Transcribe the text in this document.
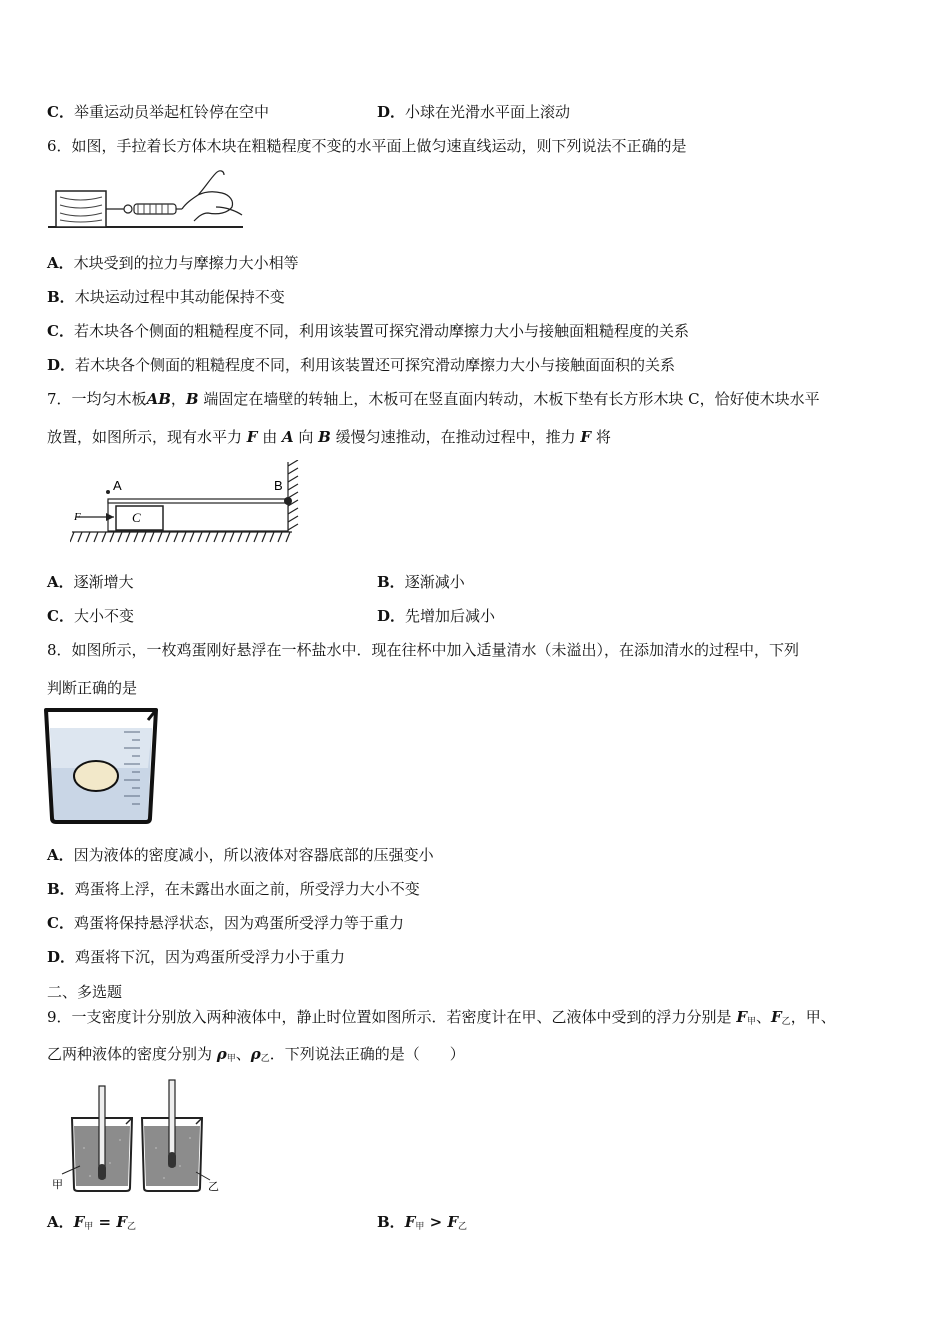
C．举重运动员举起杠铃停在空中	D．小球在光滑水平面上滚动
6．如图，手拉着长方体木块在粗糙程度不变的水平面上做匀速直线运动，则下列说法不正确的是
A．木块受到的拉力与摩擦力大小相等
B．木块运动过程中其动能保持不变
C．若木块各个侧面的粗糙程度不同，利用该装置可探究滑动摩擦力大小与接触面粗糙程度的关系
D．若木块各个侧面的粗糙程度不同，利用该装置还可探究滑动摩擦力大小与接触面面积的关系
7．一均匀木板AB，B 端固定在墙壁的转轴上，木板可在竖直面内转动，木板下垫有长方形木块 C，恰好使木块水平
放置，如图所示，现有水平力 F 由 A 向 B 缓慢匀速推动，在推动过程中，推力 F 将
A	B
C
F
A．逐渐增大	B．逐渐减小
C．大小不变	D．先增加后减小
8．如图所示，一枚鸡蛋刚好悬浮在一杯盐水中．现在往杯中加入适量清水（未溢出），在添加清水的过程中，下列
判断正确的是
A．因为液体的密度减小，所以液体对容器底部的压强变小
B．鸡蛋将上浮，在未露出水面之前，所受浮力大小不变
C．鸡蛋将保持悬浮状态，因为鸡蛋所受浮力等于重力
D．鸡蛋将下沉，因为鸡蛋所受浮力小于重力
二、多选题
9．一支密度计分别放入两种液体中，静止时位置如图所示．若密度计在甲、乙液体中受到的浮力分别是 $F_甲$、$F_乙$，甲、
乙两种液体的密度分别为 $\rho_甲$、$\rho_乙$．下列说法正确的是（　　）
甲	乙
A．$F_甲 = F_乙$	B．$F_甲 > F_乙$
